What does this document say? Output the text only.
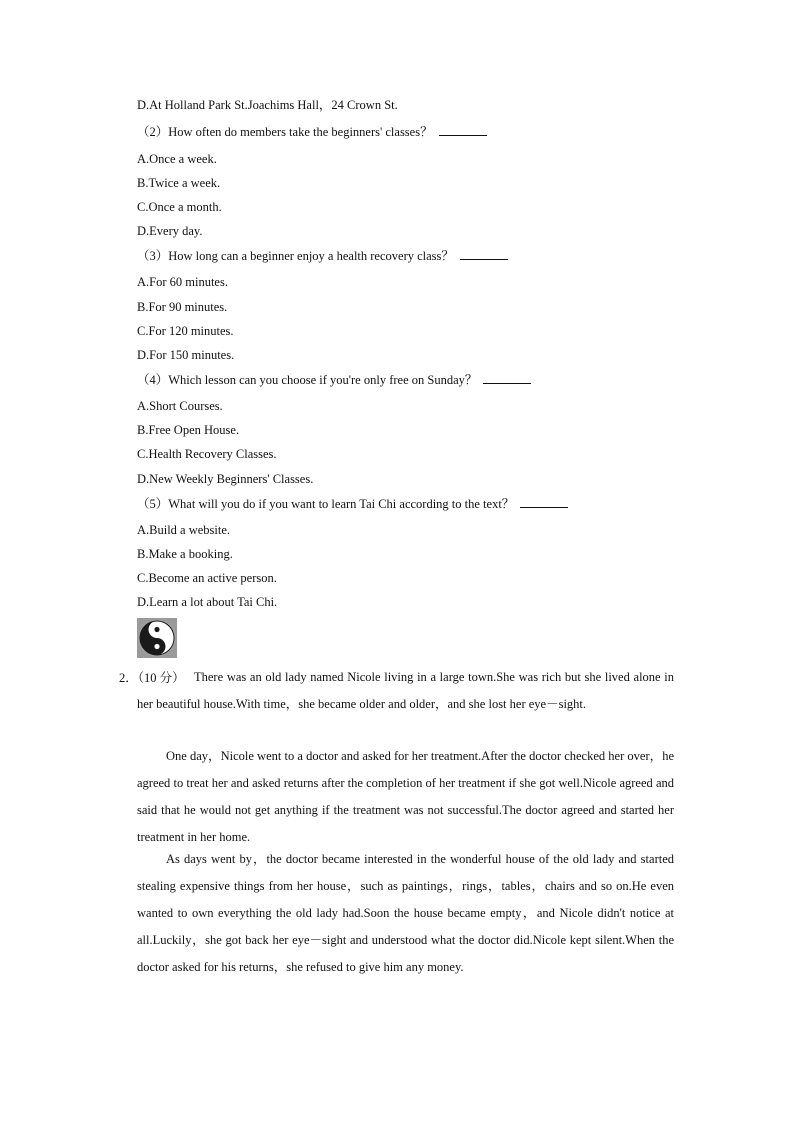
D.At Holland Park St.Joachims Hall，24 Crown St.

（2）How often do members take the beginners' classes？

A.Once a week.

B.Twice a week.

C.Once a month.

D.Every day.

（3）How long can a beginner enjoy a health recovery class？

A.For 60 minutes.

B.For 90 minutes.

C.For 120 minutes.

D.For 150 minutes.

（4）Which lesson can you choose if you're only free on Sunday？

A.Short Courses.

B.Free Open House.

C.Health Recovery Classes.

D.New Weekly Beginners' Classes.

（5）What will you do if you want to learn Tai Chi according to the text？

A.Build a website.

B.Make a booking.

C.Become an active person.

D.Learn a lot about Tai Chi.

2．（10 分） There was an old lady named Nicole living in a large town.She was rich but she lived alone in her beautiful house.With time，she became older and older，and she lost her eye－sight.

One day，Nicole went to a doctor and asked for her treatment.After the doctor checked her over，he agreed to treat her and asked returns after the completion of her treatment if she got well.Nicole agreed and said that he would not get anything if the treatment was not successful.The doctor agreed and started her treatment in her home.

As days went by，the doctor became interested in the wonderful house of the old lady and started stealing expensive things from her house，such as paintings，rings，tables，chairs and so on.He even wanted to own everything the old lady had.Soon the house became empty，and Nicole didn't notice at all.Luckily，she got back her eye－sight and understood what the doctor did.Nicole kept silent.When the doctor asked for his returns，she refused to give him any money.
